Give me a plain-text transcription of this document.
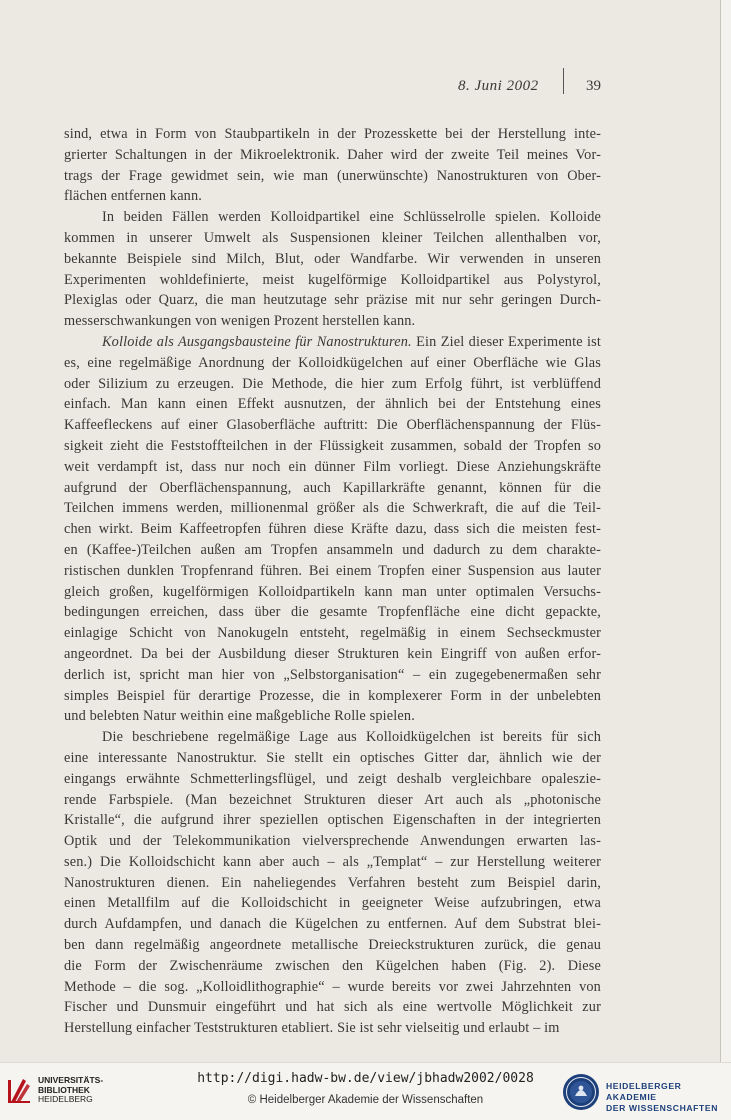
8. Juni 2002	39

sind, etwa in Form von Staubpartikeln in der Prozesskette bei der Herstellung inte-
grierter Schaltungen in der Mikroelektronik. Daher wird der zweite Teil meines Vor-
trags der Frage gewidmet sein, wie man (unerwünschte) Nanostrukturen von Ober-
flächen entfernen kann.

In beiden Fällen werden Kolloidpartikel eine Schlüsselrolle spielen. Kolloide
kommen in unserer Umwelt als Suspensionen kleiner Teilchen allenthalben vor,
bekannte Beispiele sind Milch, Blut, oder Wandfarbe. Wir verwenden in unseren
Experimenten wohldefinierte, meist kugelförmige Kolloidpartikel aus Polystyrol,
Plexiglas oder Quarz, die man heutzutage sehr präzise mit nur sehr geringen Durch-
messerschwankungen von wenigen Prozent herstellen kann.

Kolloide als Ausgangsbausteine für Nanostrukturen. Ein Ziel dieser Experimente ist
es, eine regelmäßige Anordnung der Kolloidkügelchen auf einer Oberfläche wie Glas
oder Silizium zu erzeugen. Die Methode, die hier zum Erfolg führt, ist verblüffend
einfach. Man kann einen Effekt ausnutzen, der ähnlich bei der Entstehung eines
Kaffeefleckens auf einer Glasoberfläche auftritt: Die Oberflächenspannung der Flüs-
sigkeit zieht die Feststoffteilchen in der Flüssigkeit zusammen, sobald der Tropfen so
weit verdampft ist, dass nur noch ein dünner Film vorliegt. Diese Anziehungskräfte
aufgrund der Oberflächenspannung, auch Kapillarkräfte genannt, können für die
Teilchen immens werden, millionenmal größer als die Schwerkraft, die auf die Teil-
chen wirkt. Beim Kaffeetropfen führen diese Kräfte dazu, dass sich die meisten fest-
en (Kaffee-)Teilchen außen am Tropfen ansammeln und dadurch zu dem charakte-
ristischen dunklen Tropfenrand führen. Bei einem Tropfen einer Suspension aus lauter
gleich großen, kugelförmigen Kolloidpartikeln kann man unter optimalen Versuchs-
bedingungen erreichen, dass über die gesamte Tropfenfläche eine dicht gepackte,
einlagige Schicht von Nanokugeln entsteht, regelmäßig in einem Sechseckmuster
angeordnet. Da bei der Ausbildung dieser Strukturen kein Eingriff von außen erfor-
derlich ist, spricht man hier von „Selbstorganisation“ – ein zugegebenermaßen sehr
simples Beispiel für derartige Prozesse, die in komplexerer Form in der unbelebten
und belebten Natur weithin eine maßgebliche Rolle spielen.

Die beschriebene regelmäßige Lage aus Kolloidkügelchen ist bereits für sich
eine interessante Nanostruktur. Sie stellt ein optisches Gitter dar, ähnlich wie der
eingangs erwähnte Schmetterlingsflügel, und zeigt deshalb vergleichbare opaleszie-
rende Farbspiele. (Man bezeichnet Strukturen dieser Art auch als „photonische
Kristalle“, die aufgrund ihrer speziellen optischen Eigenschaften in der integrierten
Optik und der Telekommunikation vielversprechende Anwendungen erwarten las-
sen.) Die Kolloidschicht kann aber auch – als „Templat“ – zur Herstellung weiterer
Nanostrukturen dienen. Ein naheliegendes Verfahren besteht zum Beispiel darin,
einen Metallfilm auf die Kolloidschicht in geeigneter Weise aufzubringen, etwa
durch Aufdampfen, und danach die Kügelchen zu entfernen. Auf dem Substrat blei-
ben dann regelmäßig angeordnete metallische Dreieckstrukturen zurück, die genau
die Form der Zwischenräume zwischen den Kügelchen haben (Fig. 2). Diese
Methode – die sog. „Kolloidlithographie“ – wurde bereits vor zwei Jahrzehnten von
Fischer und Dunsmuir eingeführt und hat sich als eine wertvolle Möglichkeit zur
Herstellung einfacher Teststrukturen etabliert. Sie ist sehr vielseitig und erlaubt – im

UNIVERSITÄTS-
BIBLIOTHEK
HEIDELBERG
http://digi.hadw-bw.de/view/jbhadw2002/0028
© Heidelberger Akademie der Wissenschaften
HEIDELBERGER AKADEMIE
DER WISSENSCHAFTEN
